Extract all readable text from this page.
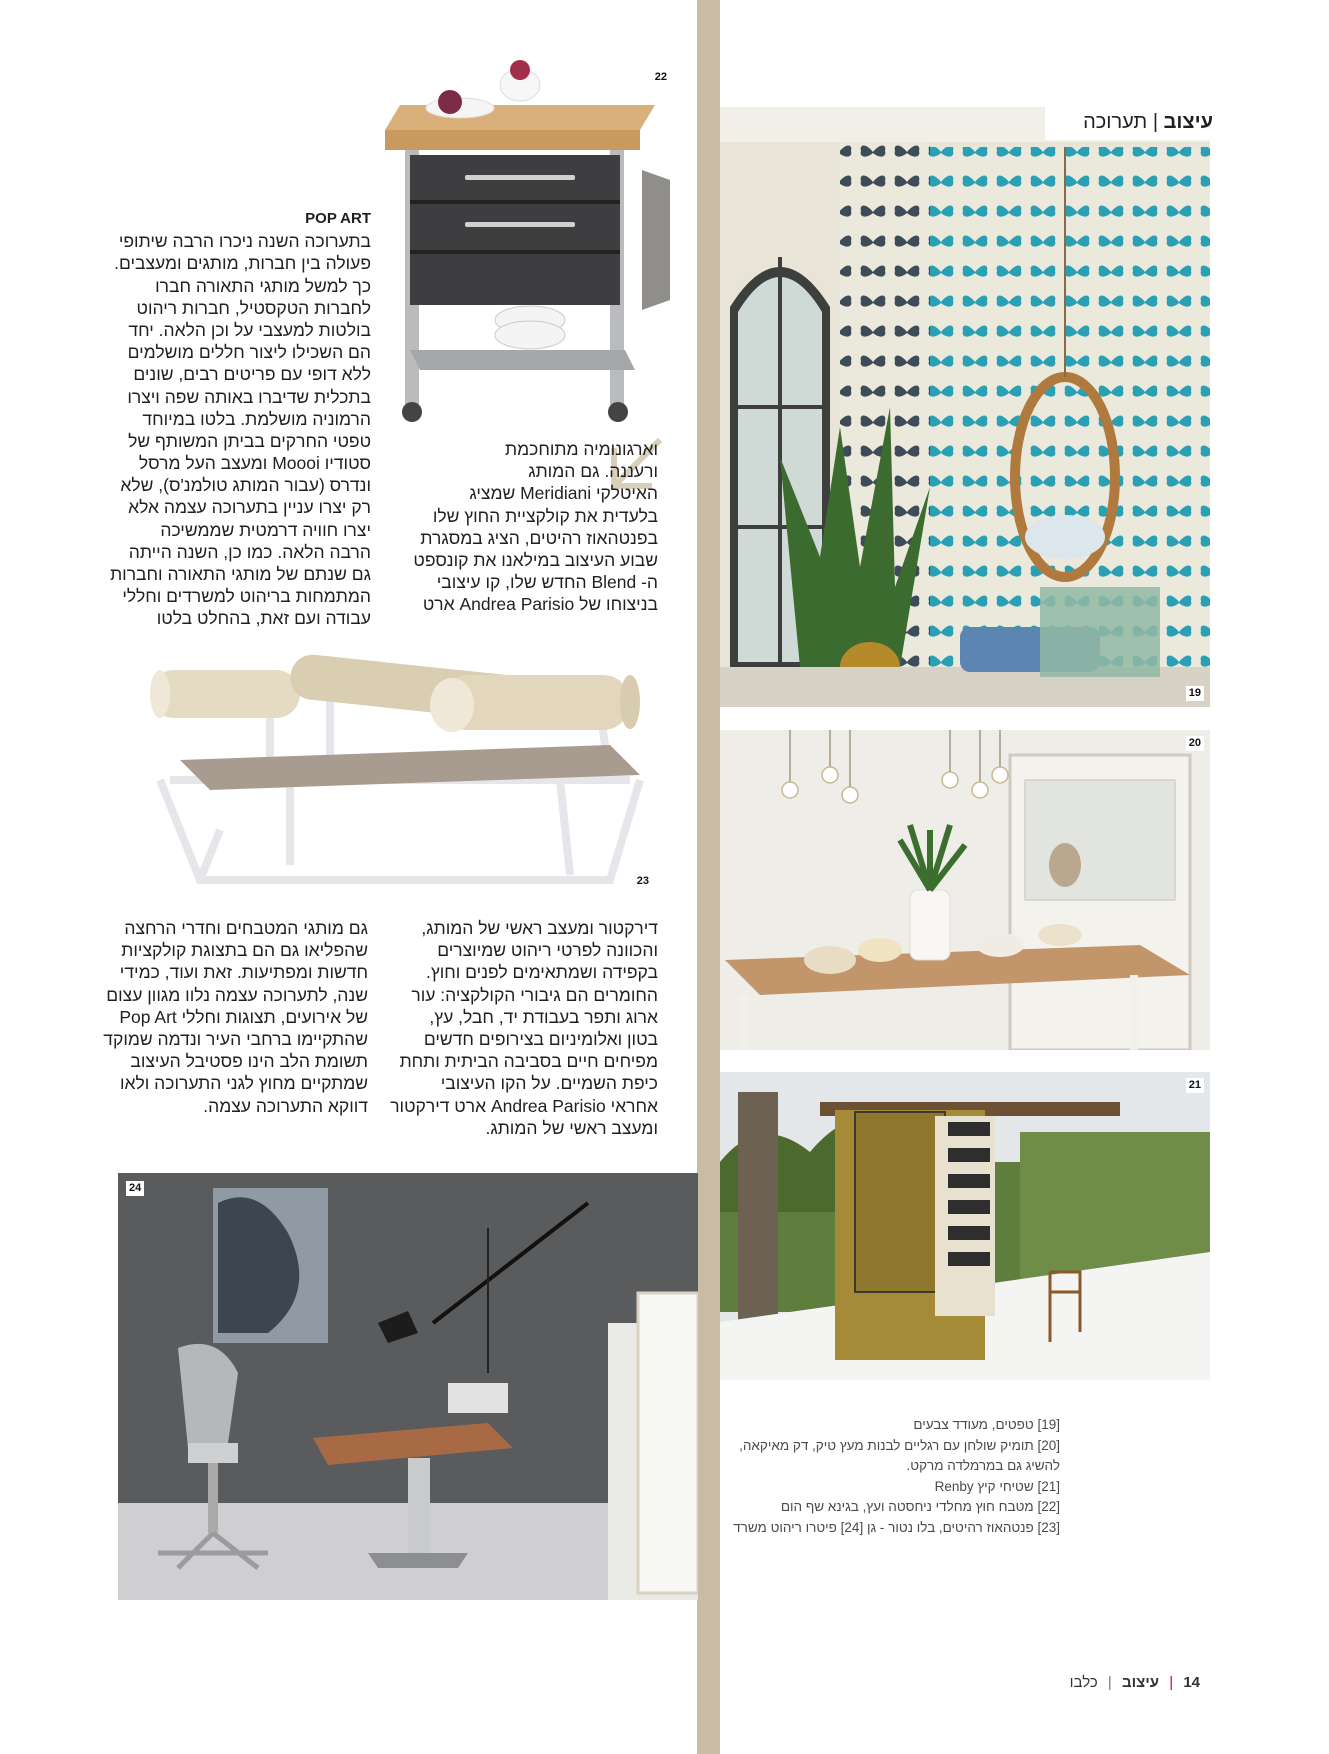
19
עיצוב | תערוכה
20
21
22
23
24
POP ART
בתערוכה השנה ניכרו הרבה שיתופי
פעולה בין חברות, מותגים ומעצבים.
כך למשל מותגי התאורה חברו
לחברות הטקסטיל, חברות ריהוט
בולטות למעצבי על וכן הלאה. יחד
הם השכילו ליצור חללים מושלמים
ללא דופי עם פריטים רבים, שונים
בתכלית שדיברו באותה שפה ויצרו
הרמוניה מושלמת. בלטו במיוחד
טפטי החרקים בביתן המשותף של
סטודיו Moooi ומעצב העל מרסל
ונדרס (עבור המותג טולמנ'ס), שלא
רק יצרו עניין בתערוכה עצמה אלא
יצרו חוויה דרמטית שממשיכה
הרבה הלאה. כמו כן, השנה הייתה
גם שנתם של מותגי התאורה וחברות
המתמחות בריהוט למשרדים וחללי
עבודה ועם זאת, בהחלט בלטו
וארגונומיה מתוחכמת
ורעננה. גם המותג
האיטלקי Meridiani שמציג
בלעדית את קולקציית החוץ שלו
בפנטהאוז רהיטים, הציג במסגרת
שבוע העיצוב במילאנו את קונספט
ה- Blend החדש שלו, קו עיצובי
בניצוחו של Andrea Parisio ארט
דירקטור ומעצב ראשי של המותג,
והכוונה לפרטי ריהוט שמיוצרים
בקפידה ושמתאימים לפנים וחוץ.
החומרים הם גיבורי הקולקציה: עור
ארוג ותפר בעבודת יד, חבל, עץ,
בטון ואלומיניום בצירופים חדשים
מפיחים חיים בסביבה הביתית ותחת
כיפת השמיים. על הקו העיצובי
אחראי Andrea Parisio ארט דירקטור
ומעצב ראשי של המותג.
גם מותגי המטבחים וחדרי הרחצה
שהפליאו גם הם בתצוגת קולקציות
חדשות ומפתיעות. זאת ועוד, כמידי
שנה, לתערוכה עצמה נלוו מגוון עצום
של אירועים, תצוגות וחללי Pop Art
שהתקיימו ברחבי העיר ונדמה שמוקד
תשומת הלב הינו פסטיבל העיצוב
שמתקיים מחוץ לגני התערוכה ולאו
דווקא התערוכה עצמה.
[19] טפטים, מעודד צבעים
[20] תומיק שולחן עם רגליים לבנות מעץ טיק, דק מאיקאה,
להשיג גם במרמלדה מרקט.
[21] שטיחי קיץ Renby
[22] מטבח חוץ מחלדי ניחסטה ועץ, בגינא שף הום
[23] פנטהאוז רהיטים, בלו נטור - גן [24] פיטרו ריהוט משרד
14 | עיצוב | כלבו
